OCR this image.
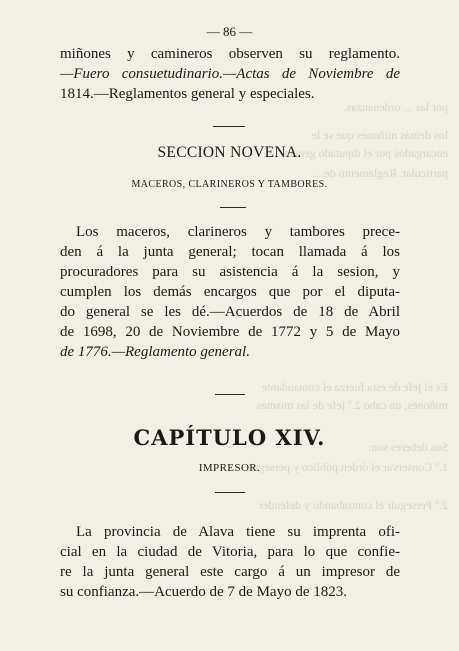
por las ... ordenanzas.
los demás miñones que se le
encargados por el diputado general
particular. Reglamento de ...
Es el jefe de esta fuerza el comandante
miñones, un cabo 2.º jefe de las mismas
Sus deberes son:
1.º Conservar el órden público y perseguir
2.º Perseguir el contrabando y defender
— 86 —
miñones y camineros observen su reglamento.
—Fuero consuetudinario.—Actas de Noviembre de
1814.—Reglamentos general y especiales.
SECCION NOVENA.
MACEROS, CLARINEROS Y TAMBORES.
Los maceros, clarineros y tambores prece-
den á la junta general; tocan llamada á los
procuradores para su asistencia á la sesion, y
cumplen los demás encargos que por el diputa-
do general se les dé.—Acuerdos de 18 de Abril
de 1698, 20 de Noviembre de 1772 y 5 de Mayo
de 1776.—Reglamento general.
CAPÍTULO XIV.
IMPRESOR.
La provincia de Alava tiene su imprenta ofi-
cial en la ciudad de Vitoria, para lo que confie-
re la junta general este cargo á un impresor de
su confianza.—Acuerdo de 7 de Mayo de 1823.
